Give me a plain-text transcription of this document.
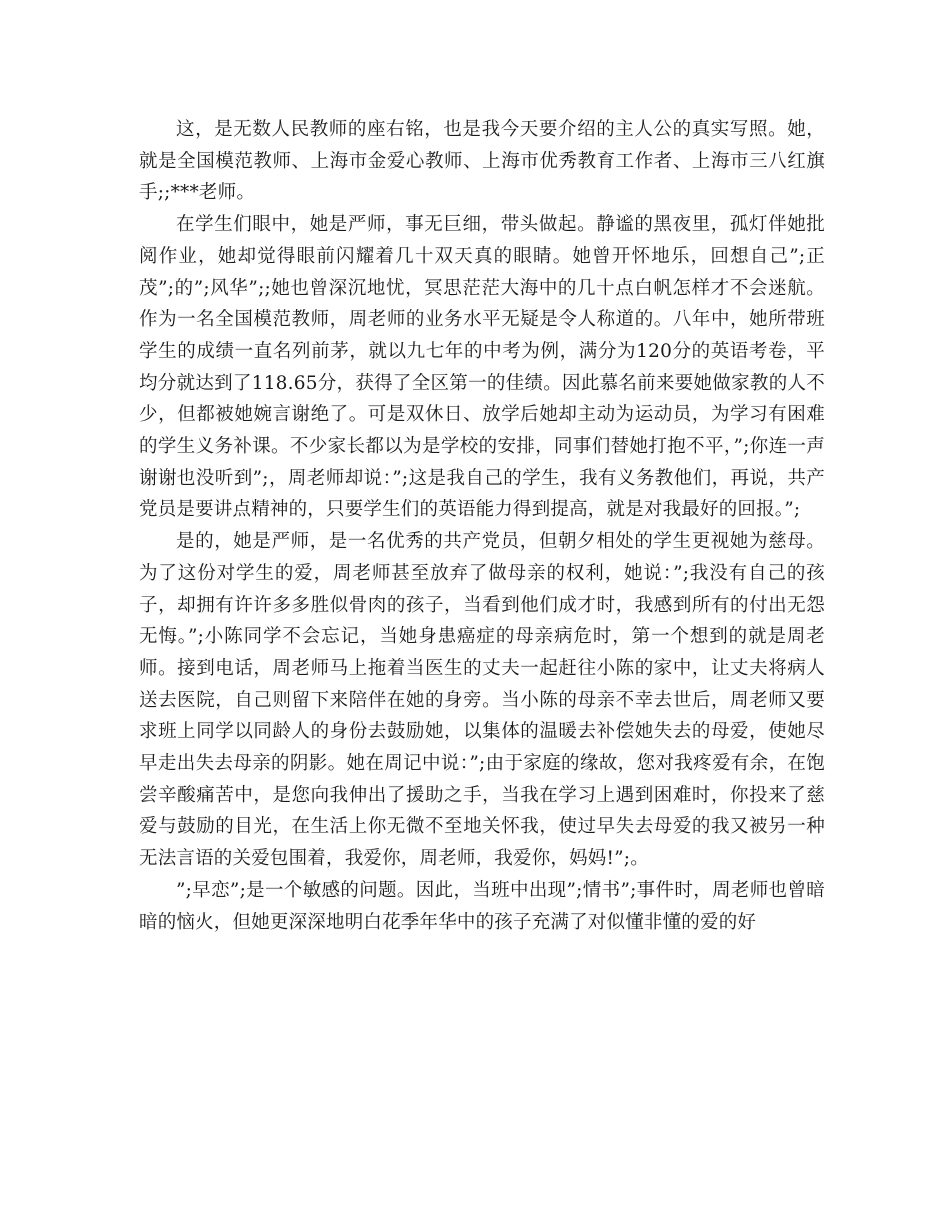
这，是无数人民教师的座右铭，也是我今天要介绍的主人公的真实写照。她，就是全国模范教师、上海市金爱心教师、上海市优秀教育工作者、上海市三八红旗手;;***老师。

在学生们眼中，她是严师，事无巨细，带头做起。静谧的黑夜里，孤灯伴她批阅作业，她却觉得眼前闪耀着几十双天真的眼睛。她曾开怀地乐，回想自己”;正茂”;的”;风华”;;她也曾深沉地忧，冥思茫茫大海中的几十点白帆怎样才不会迷航。作为一名全国模范教师，周老师的业务水平无疑是令人称道的。八年中，她所带班学生的成绩一直名列前茅，就以九七年的中考为例，满分为120分的英语考卷，平均分就达到了118.65分，获得了全区第一的佳绩。因此慕名前来要她做家教的人不少，但都被她婉言谢绝了。可是双休日、放学后她却主动为运动员，为学习有困难的学生义务补课。不少家长都以为是学校的安排，同事们替她打抱不平，”;你连一声谢谢也没听到”;，周老师却说：”;这是我自己的学生，我有义务教他们，再说，共产党员是要讲点精神的，只要学生们的英语能力得到提高，就是对我最好的回报。”;

是的，她是严师，是一名优秀的共产党员，但朝夕相处的学生更视她为慈母。为了这份对学生的爱，周老师甚至放弃了做母亲的权利，她说：”;我没有自己的孩子，却拥有许许多多胜似骨肉的孩子，当看到他们成才时，我感到所有的付出无怨无悔。”;小陈同学不会忘记，当她身患癌症的母亲病危时，第一个想到的就是周老师。接到电话，周老师马上拖着当医生的丈夫一起赶往小陈的家中，让丈夫将病人送去医院，自己则留下来陪伴在她的身旁。当小陈的母亲不幸去世后，周老师又要求班上同学以同龄人的身份去鼓励她，以集体的温暖去补偿她失去的母爱，使她尽早走出失去母亲的阴影。她在周记中说：”;由于家庭的缘故，您对我疼爱有余，在饱尝辛酸痛苦中，是您向我伸出了援助之手，当我在学习上遇到困难时，你投来了慈爱与鼓励的目光，在生活上你无微不至地关怀我，使过早失去母爱的我又被另一种无法言语的关爱包围着，我爱你，周老师，我爱你，妈妈!”;。

”;早恋”;是一个敏感的问题。因此，当班中出现”;情书”;事件时，周老师也曾暗暗的恼火，但她更深深地明白花季年华中的孩子充满了对似懂非懂的爱的好
